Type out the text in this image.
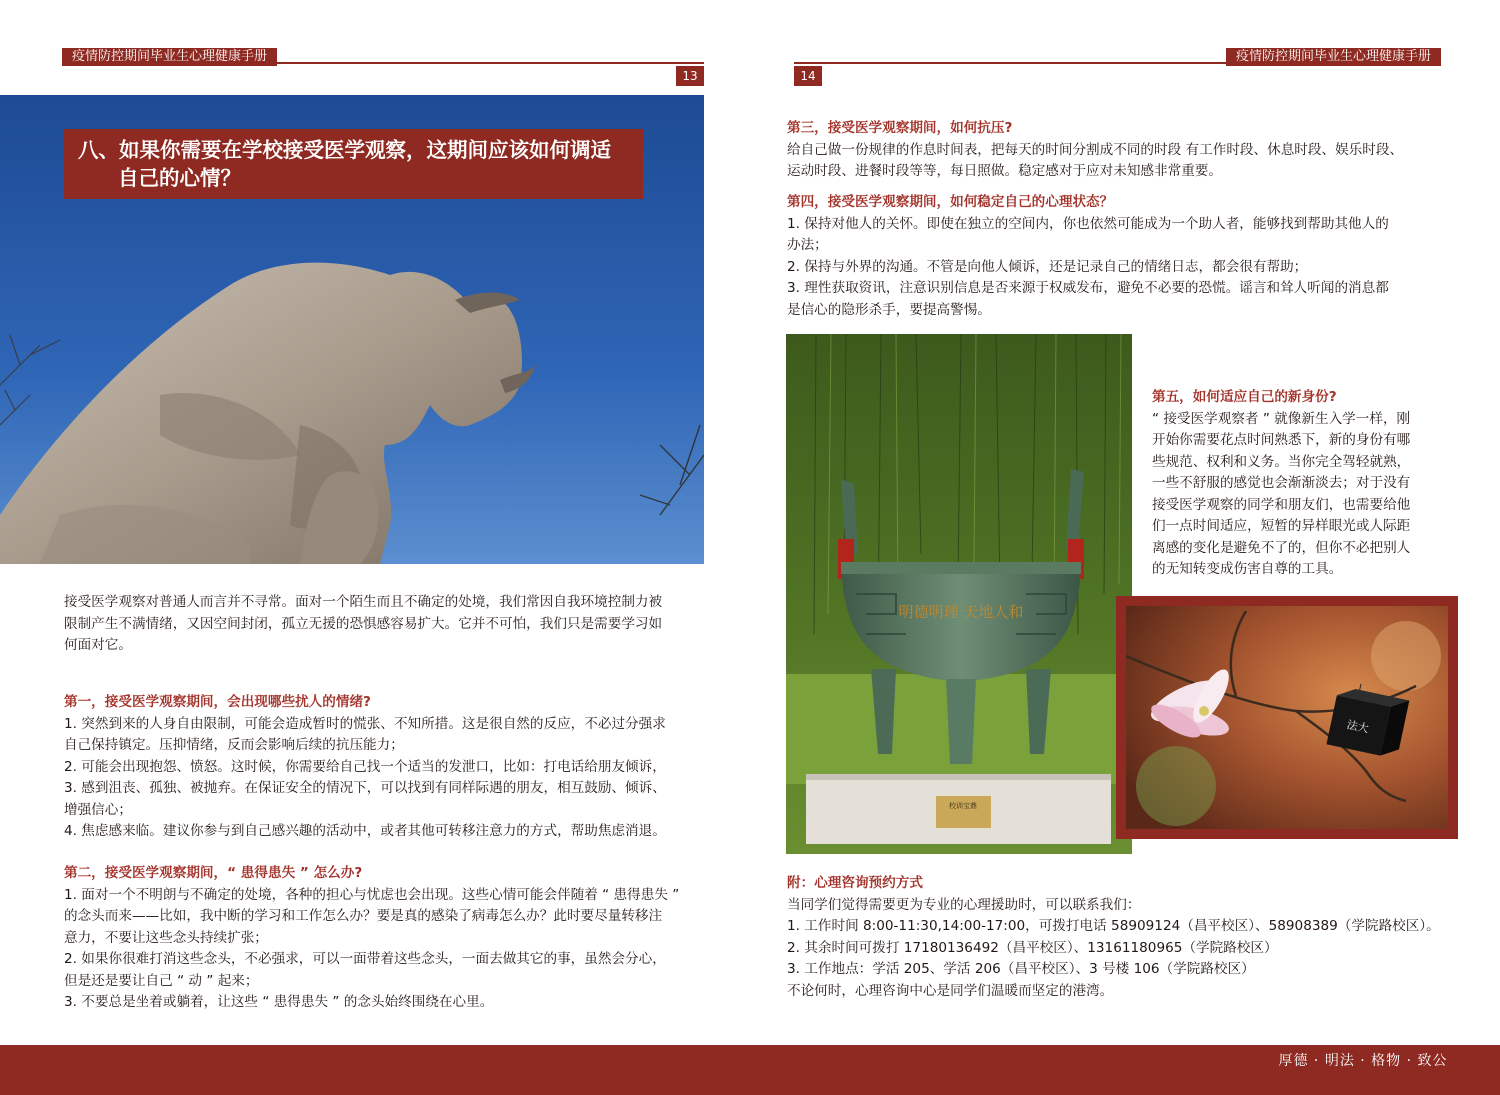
疫情防控期间毕业生心理健康手册
13
八、如果你需要在学校接受医学观察，这期间应该如何调适
自己的心情？
接受医学观察对普通人而言并不寻常。面对一个陌生而且不确定的处境，我们常因自我环境控制力被
限制产生不满情绪，又因空间封闭，孤立无援的恐惧感容易扩大。它并不可怕，我们只是需要学习如
何面对它。
第一，接受医学观察期间，会出现哪些扰人的情绪?
1. 突然到来的人身自由限制，可能会造成暂时的慌张、不知所措。这是很自然的反应，不必过分强求
自己保持镇定。压抑情绪，反而会影响后续的抗压能力；
2. 可能会出现抱怨、愤怒。这时候，你需要给自己找一个适当的发泄口，比如：打电话给朋友倾诉，
3. 感到沮丧、孤独、被抛弃。在保证安全的情况下，可以找到有同样际遇的朋友，相互鼓励、倾诉、
增强信心；
4. 焦虑感来临。建议你参与到自己感兴趣的活动中，或者其他可转移注意力的方式，帮助焦虑消退。
第二，接受医学观察期间，“ 患得患失 ” 怎么办?
1. 面对一个不明朗与不确定的处境，各种的担心与忧虑也会出现。这些心情可能会伴随着 “ 患得患失 ”
的念头而来——比如，我中断的学习和工作怎么办？要是真的感染了病毒怎么办？此时要尽量转移注
意力，不要让这些念头持续扩张；
2. 如果你很难打消这些念头，不必强求，可以一面带着这些念头，一面去做其它的事，虽然会分心，
但是还是要让自己 “ 动 ” 起来；
3. 不要总是坐着或躺着，让这些 “ 患得患失 ” 的念头始终围绕在心里。
疫情防控期间毕业生心理健康手册
14
第三，接受医学观察期间，如何抗压?
给自己做一份规律的作息时间表，把每天的时间分割成不同的时段 有工作时段、休息时段、娱乐时段、
运动时段、进餐时段等等，每日照做。稳定感对于应对未知感非常重要。
第四，接受医学观察期间，如何稳定自己的心理状态？
1. 保持对他人的关怀。即使在独立的空间内，你也依然可能成为一个助人者，能够找到帮助其他人的
办法；
2. 保持与外界的沟通。不管是向他人倾诉，还是记录自己的情绪日志，都会很有帮助；
3. 理性获取资讯，注意识别信息是否来源于权威发布，避免不必要的恐慌。谣言和耸人听闻的消息都
是信心的隐形杀手，要提高警惕。
校训宝鼎
明德明理 天地人和
第五，如何适应自己的新身份?
“ 接受医学观察者 ” 就像新生入学一样，刚
开始你需要花点时间熟悉下，新的身份有哪
些规范、权利和义务。当你完全驾轻就熟，
一些不舒服的感觉也会渐渐淡去；对于没有
接受医学观察的同学和朋友们，也需要给他
们一点时间适应，短暂的异样眼光或人际距
离感的变化是避免不了的，但你不必把别人
的无知转变成伤害自尊的工具。
法大
附：心理咨询预约方式
当同学们觉得需要更为专业的心理援助时，可以联系我们：
1. 工作时间 8:00-11:30,14:00-17:00，可拨打电话 58909124（昌平校区）、58908389（学院路校区）。
2. 其余时间可拨打 17180136492（昌平校区）、13161180965（学院路校区）
3. 工作地点：学活 205、学活 206（昌平校区）、3 号楼 106（学院路校区）
不论何时，心理咨询中心是同学们温暖而坚定的港湾。
厚德 · 明法 · 格物 · 致公
